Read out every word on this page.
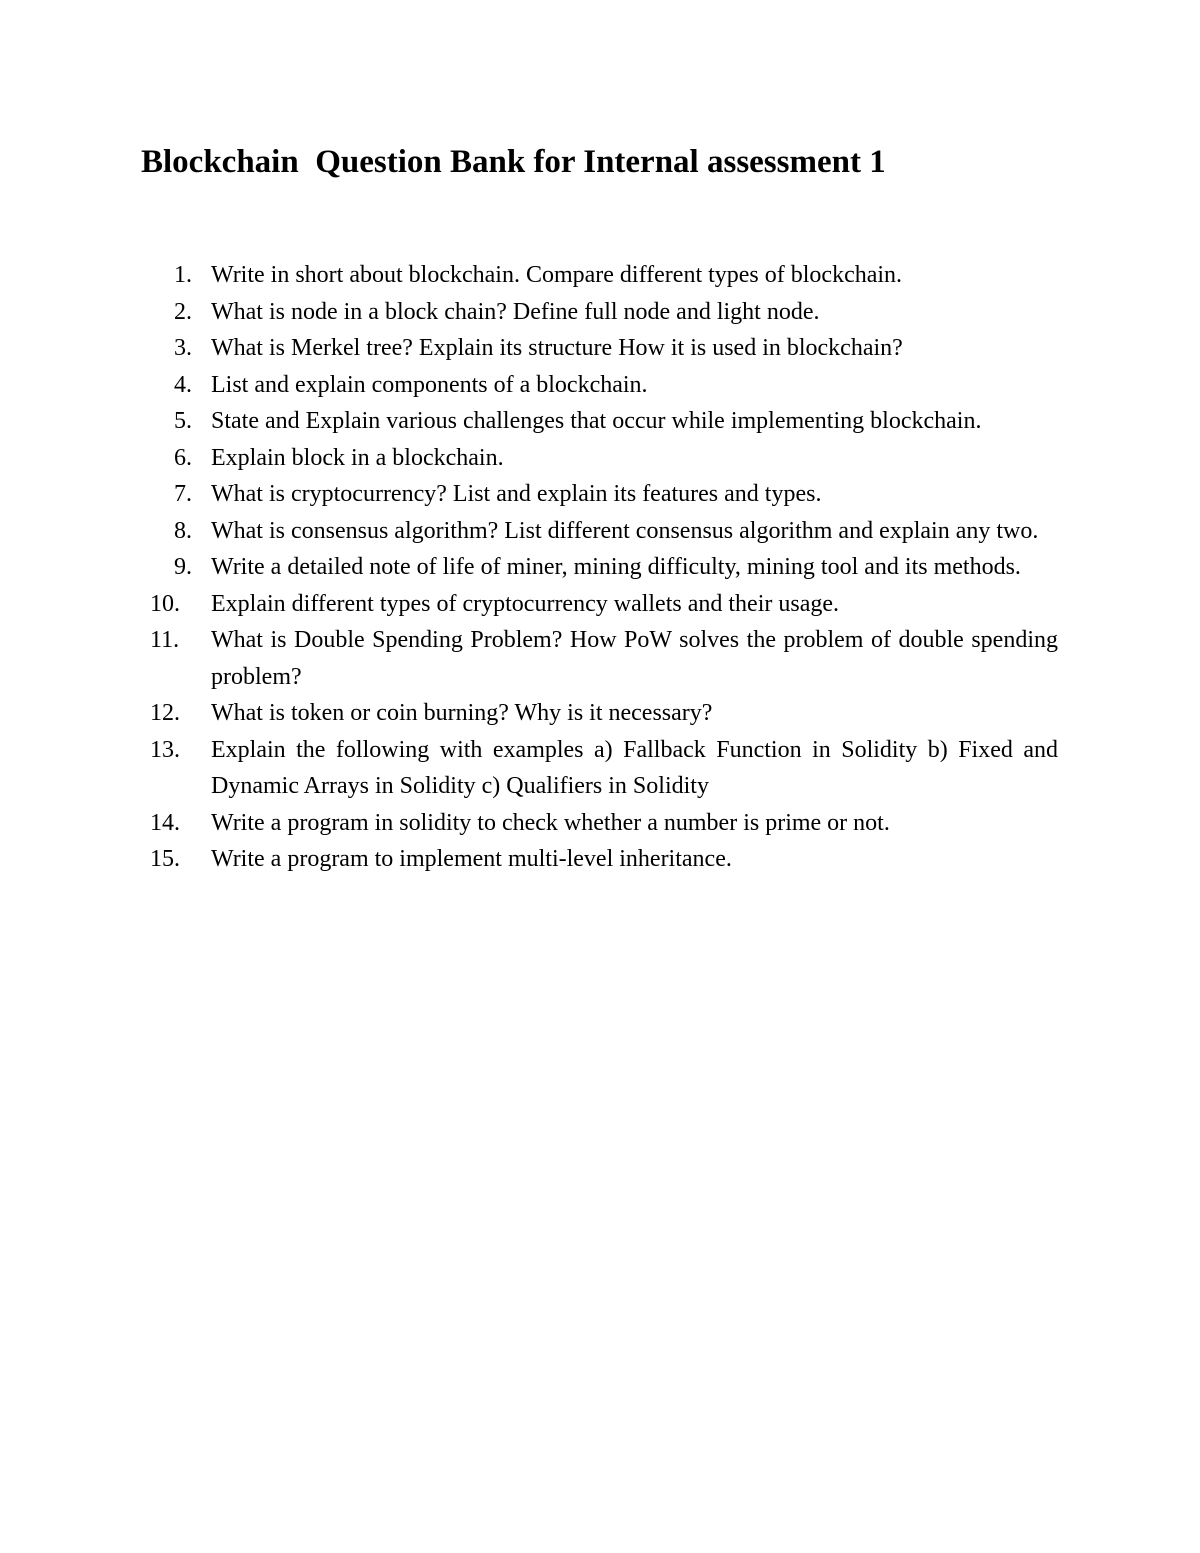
Blockchain  Question Bank for Internal assessment 1
1. Write in short about blockchain. Compare different types of blockchain.
2. What is node in a block chain? Define full node and light node.
3. What is Merkel tree? Explain its structure How it is used in blockchain?
4. List and explain components of a blockchain.
5. State and Explain various challenges that occur while implementing blockchain.
6. Explain block in a blockchain.
7. What is cryptocurrency? List and explain its features and types.
8. What is consensus algorithm? List different consensus algorithm and explain any two.
9. Write a detailed note of life of miner, mining difficulty, mining tool and its methods.
10.	Explain different types of cryptocurrency wallets and their usage.
11.	What is Double Spending Problem? How PoW solves the problem of double spending problem?
12.	What is token or coin burning? Why is it necessary?
13.	Explain the following with examples a) Fallback Function in Solidity b) Fixed and Dynamic Arrays in Solidity c) Qualifiers in Solidity
14.	Write a program in solidity to check whether a number is prime or not.
15.	Write a program to implement multi-level inheritance.
